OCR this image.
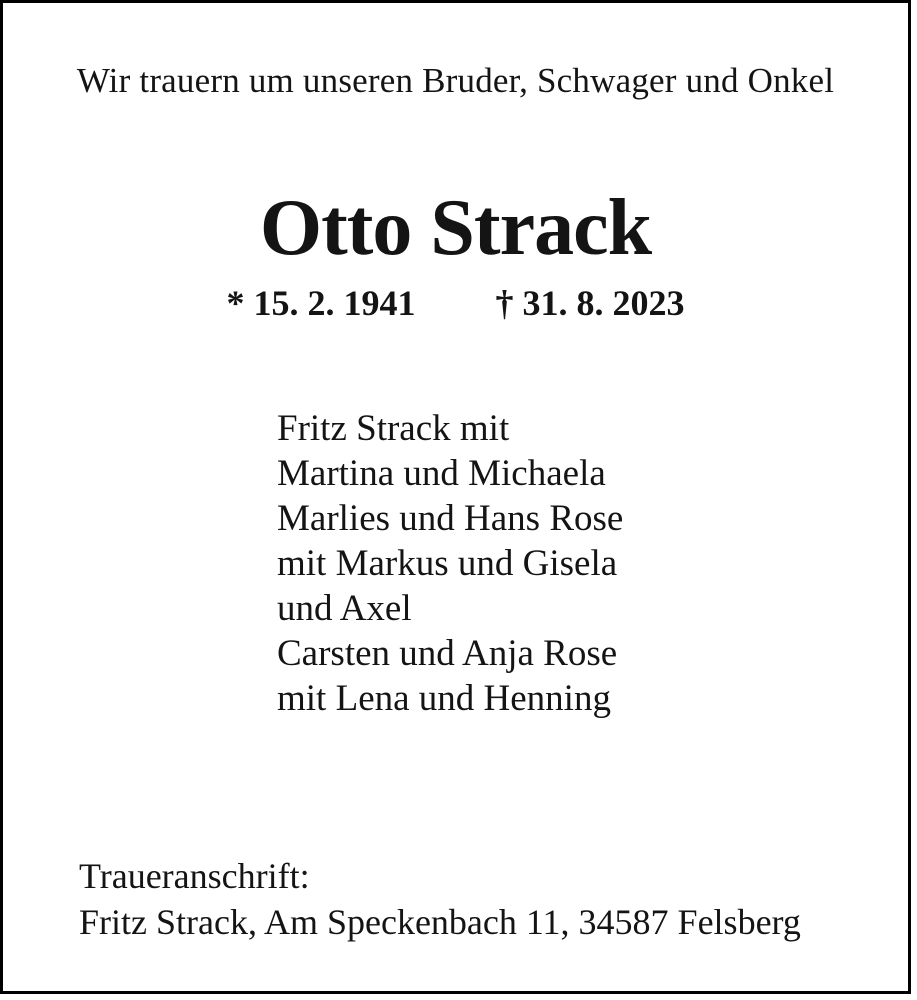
Wir trauern um unseren Bruder, Schwager und Onkel
Otto Strack
* 15. 2. 1941 † 31. 8. 2023
Fritz Strack mit
Martina und Michaela
Marlies und Hans Rose
mit Markus und Gisela
und Axel
Carsten und Anja Rose
mit Lena und Henning
Traueranschrift:
Fritz Strack, Am Speckenbach 11, 34587 Felsberg
